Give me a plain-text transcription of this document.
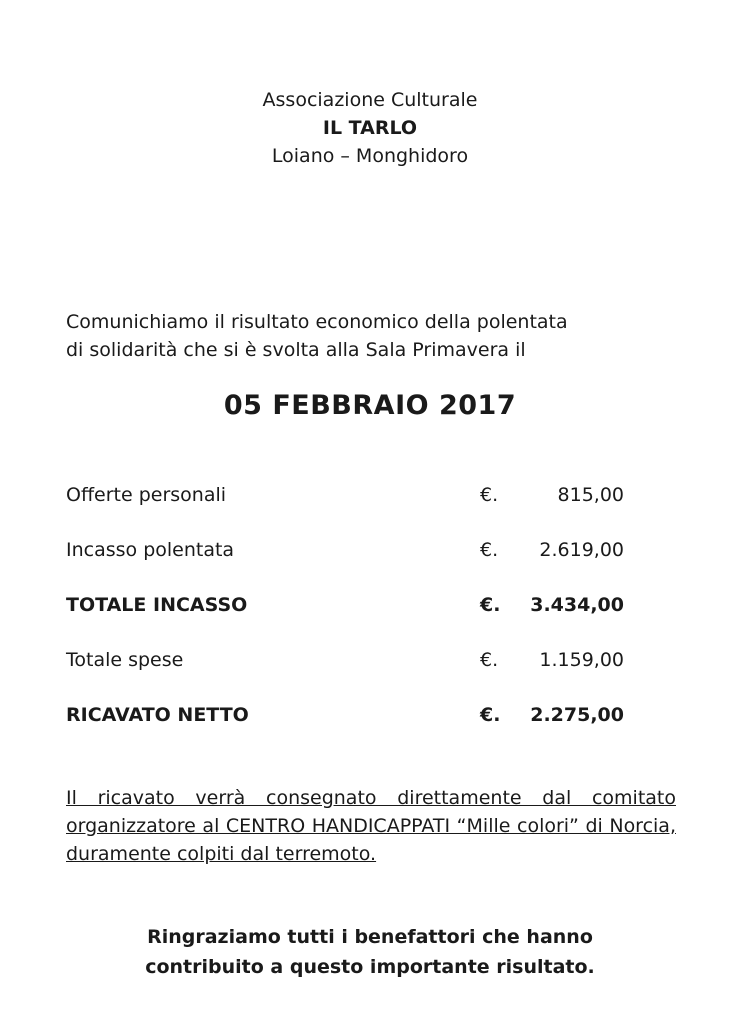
Associazione Culturale
IL TARLO
Loiano – Monghidoro
Comunichiamo il risultato economico della polentata
di solidarità che si è svolta alla Sala Primavera il
05 FEBBRAIO 2017
Offerte personali	€.	815,00
Incasso polentata	€. 2.619,00
TOTALE INCASSO	€. 3.434,00
Totale spese	€. 1.159,00
RICAVATO NETTO	€. 2.275,00
Il ricavato verrà consegnato direttamente dal comitato organizzatore al CENTRO HANDICAPPATI “Mille colori” di Norcia, duramente colpiti dal terremoto.
Ringraziamo tutti i benefattori che hanno
contribuito a questo importante risultato.
